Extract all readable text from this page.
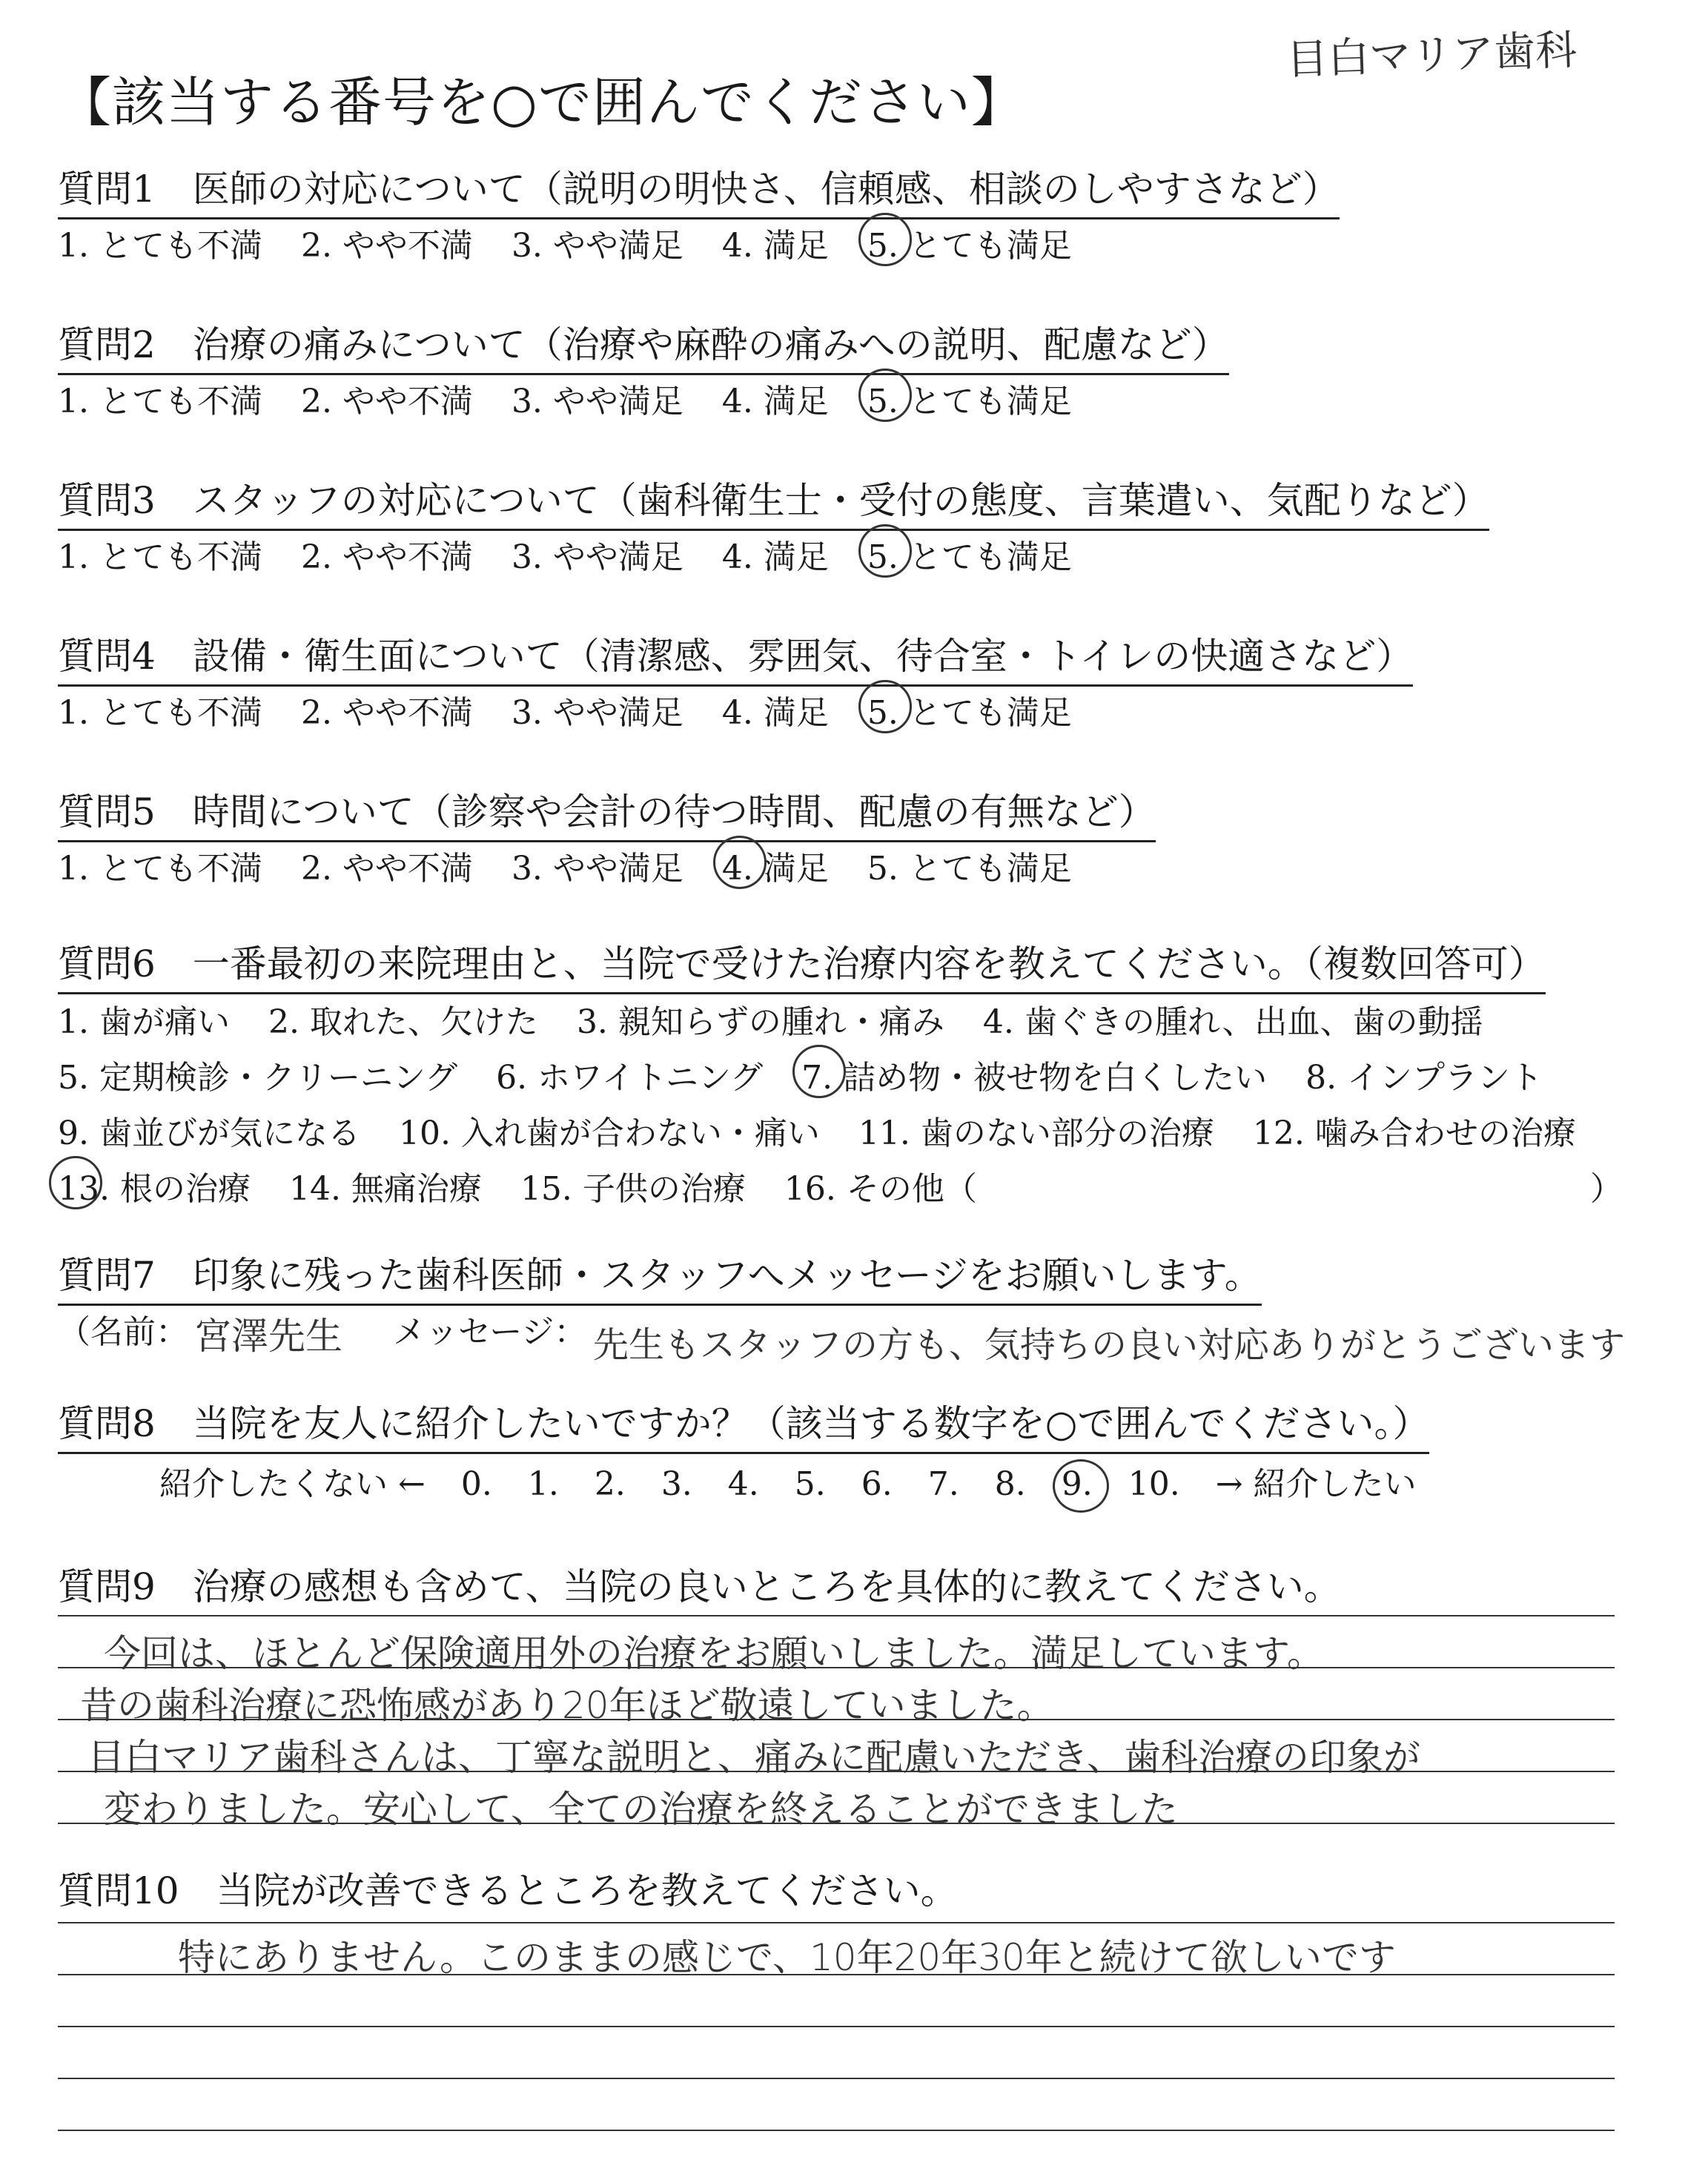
【該当する番号を○で囲んでください】
目白マリア歯科
質問1　医師の対応について（説明の明快さ、信頼感、相談のしやすさなど）
1. とても不満 2. やや不満 3. やや満足 4. 満足 5. とても満足
質問2　治療の痛みについて（治療や麻酔の痛みへの説明、配慮など）
1. とても不満 2. やや不満 3. やや満足 4. 満足 5. とても満足
質問3　スタッフの対応について（歯科衛生士・受付の態度、言葉遣い、気配りなど）
1. とても不満 2. やや不満 3. やや満足 4. 満足 5. とても満足
質問4　設備・衛生面について（清潔感、雰囲気、待合室・トイレの快適さなど）
1. とても不満 2. やや不満 3. やや満足 4. 満足 5. とても満足
質問5　時間について（診察や会計の待つ時間、配慮の有無など）
1. とても不満 2. やや不満 3. やや満足 4. 満足 5. とても満足
質問6　一番最初の来院理由と、当院で受けた治療内容を教えてください。（複数回答可）
1. 歯が痛い 2. 取れた、欠けた 3. 親知らずの腫れ・痛み 4. 歯ぐきの腫れ、出血、歯の動揺
5. 定期検診・クリーニング 6. ホワイトニング 7. 詰め物・被せ物を白くしたい 8. インプラント
9. 歯並びが気になる 10. 入れ歯が合わない・痛い 11. 歯のない部分の治療 12. 噛み合わせの治療
13. 根の治療 14. 無痛治療 15. 子供の治療 16. その他（	）
質問7　印象に残った歯科医師・スタッフへメッセージをお願いします。
（名前： 宮澤先生 メッセージ： 先生もスタッフの方も、気持ちの良い対応ありがとうございます
質問8　当院を友人に紹介したいですか？（該当する数字を○で囲んでください。）
紹介したくない ← 0. 1. 2. 3. 4. 5. 6. 7. 8. 9. 10. → 紹介したい
質問9　治療の感想も含めて、当院の良いところを具体的に教えてください。
今回は、ほとんど保険適用外の治療をお願いしました。満足しています。
昔の歯科治療に恐怖感があり20年ほど敬遠していました。
目白マリア歯科さんは、丁寧な説明と、痛みに配慮いただき、歯科治療の印象が
変わりました。安心して、全ての治療を終えることができました
質問10　当院が改善できるところを教えてください。
特にありません。このままの感じで、10年20年30年と続けて欲しいです
